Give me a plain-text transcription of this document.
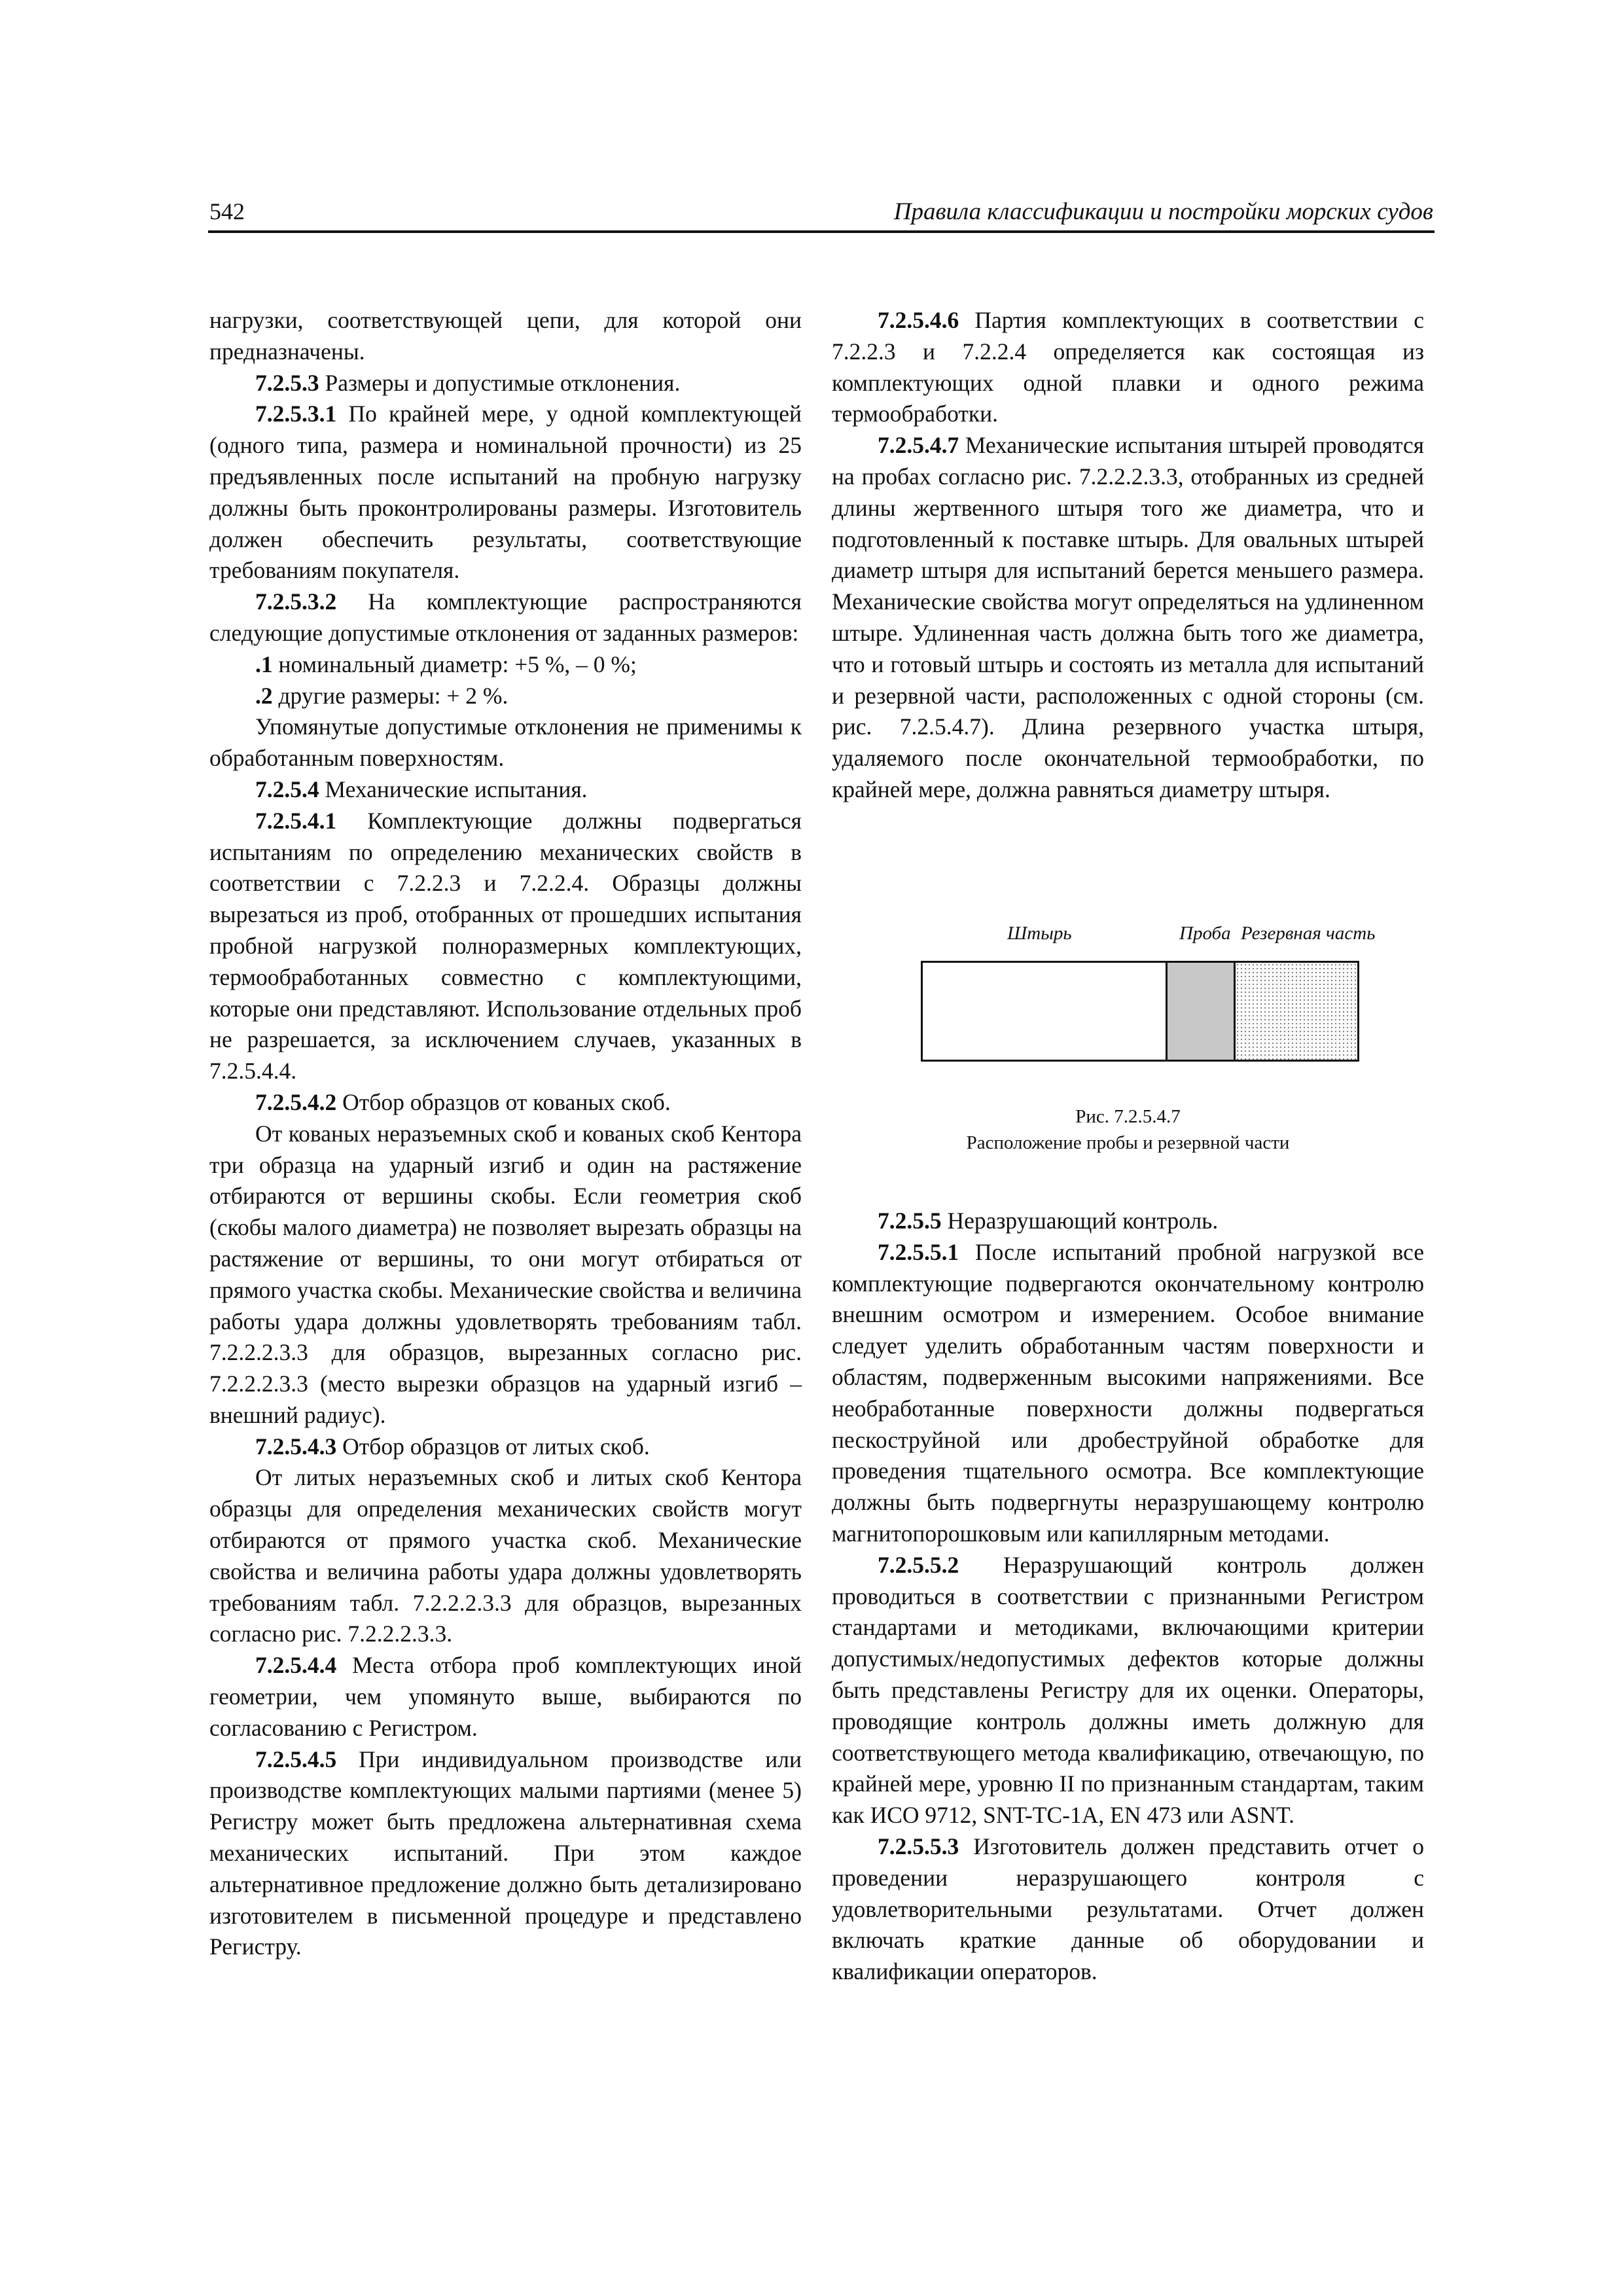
542	Правила классификации и постройки морских судов

нагрузки, соответствующей цепи, для которой они предназначены.

7.2.5.3 Размеры и допустимые отклонения.

7.2.5.3.1 По крайней мере, у одной комплектующей (одного типа, размера и номинальной прочности) из 25 предъявленных после испытаний на пробную нагрузку должны быть проконтролированы размеры. Изготовитель должен обеспечить результаты, соответствующие требованиям покупателя.

7.2.5.3.2 На комплектующие распространяются следующие допустимые отклонения от заданных размеров:

.1 номинальный диаметр: +5 %, – 0 %;

.2 другие размеры: + 2 %.

Упомянутые допустимые отклонения не применимы к обработанным поверхностям.

7.2.5.4 Механические испытания.

7.2.5.4.1 Комплектующие должны подвергаться испытаниям по определению механических свойств в соответствии с 7.2.2.3 и 7.2.2.4. Образцы должны вырезаться из проб, отобранных от прошедших испытания пробной нагрузкой полноразмерных комплектующих, термообработанных совместно с комплектующими, которые они представляют. Использование отдельных проб не разрешается, за исключением случаев, указанных в 7.2.5.4.4.

7.2.5.4.2 Отбор образцов от кованых скоб.

От кованых неразъемных скоб и кованых скоб Кентора три образца на ударный изгиб и один на растяжение отбираются от вершины скобы. Если геометрия скоб (скобы малого диаметра) не позволяет вырезать образцы на растяжение от вершины, то они могут отбираться от прямого участка скобы. Механические свойства и величина работы удара должны удовлетворять требованиям табл. 7.2.2.2.3.3 для образцов, вырезанных согласно рис. 7.2.2.2.3.3 (место вырезки образцов на ударный изгиб – внешний радиус).

7.2.5.4.3 Отбор образцов от литых скоб.

От литых неразъемных скоб и литых скоб Кентора образцы для определения механических свойств могут отбираются от прямого участка скоб. Механические свойства и величина работы удара должны удовлетворять требованиям табл. 7.2.2.2.3.3 для образцов, вырезанных согласно рис. 7.2.2.2.3.3.

7.2.5.4.4 Места отбора проб комплектующих иной геометрии, чем упомянуто выше, выбираются по согласованию с Регистром.

7.2.5.4.5 При индивидуальном производстве или производстве комплектующих малыми партиями (менее 5) Регистру может быть предложена альтернативная схема механических испытаний. При этом каждое альтернативное предложение должно быть детализировано изготовителем в письменной процедуре и представлено Регистру.

7.2.5.4.6 Партия комплектующих в соответствии с 7.2.2.3 и 7.2.2.4 определяется как состоящая из комплектующих одной плавки и одного режима термообработки.

7.2.5.4.7 Механические испытания штырей проводятся на пробах согласно рис. 7.2.2.2.3.3, отобранных из средней длины жертвенного штыря того же диаметра, что и подготовленный к поставке штырь. Для овальных штырей диаметр штыря для испытаний берется меньшего размера. Механические свойства могут определяться на удлиненном штыре. Удлиненная часть должна быть того же диаметра, что и готовый штырь и состоять из металла для испытаний и резервной части, расположенных с одной стороны (см. рис. 7.2.5.4.7). Длина резервного участка штыря, удаляемого после окончательной термообработки, по крайней мере, должна равняться диаметру штыря.

Штырь	Проба Резервная часть
Рис. 7.2.5.4.7
Расположение пробы и резервной части

7.2.5.5 Неразрушающий контроль.

7.2.5.5.1 После испытаний пробной нагрузкой все комплектующие подвергаются окончательному контролю внешним осмотром и измерением. Особое внимание следует уделить обработанным частям поверхности и областям, подверженным высокими напряжениями. Все необработанные поверхности должны подвергаться пескоструйной или дробеструйной обработке для проведения тщательного осмотра. Все комплектующие должны быть подвергнуты неразрушающему контролю магнитопорошковым или капиллярным методами.

7.2.5.5.2 Неразрушающий контроль должен проводиться в соответствии с признанными Регистром стандартами и методиками, включающими критерии допустимых/недопустимых дефектов которые должны быть представлены Регистру для их оценки. Операторы, проводящие контроль должны иметь должную для соответствующего метода квалификацию, отвечающую, по крайней мере, уровню II по признанным стандартам, таким как ИСО 9712, SNT-TC-1A, EN 473 или ASNT.

7.2.5.5.3 Изготовитель должен представить отчет о проведении неразрушающего контроля с удовлетворительными результатами. Отчет должен включать краткие данные об оборудовании и квалификации операторов.
